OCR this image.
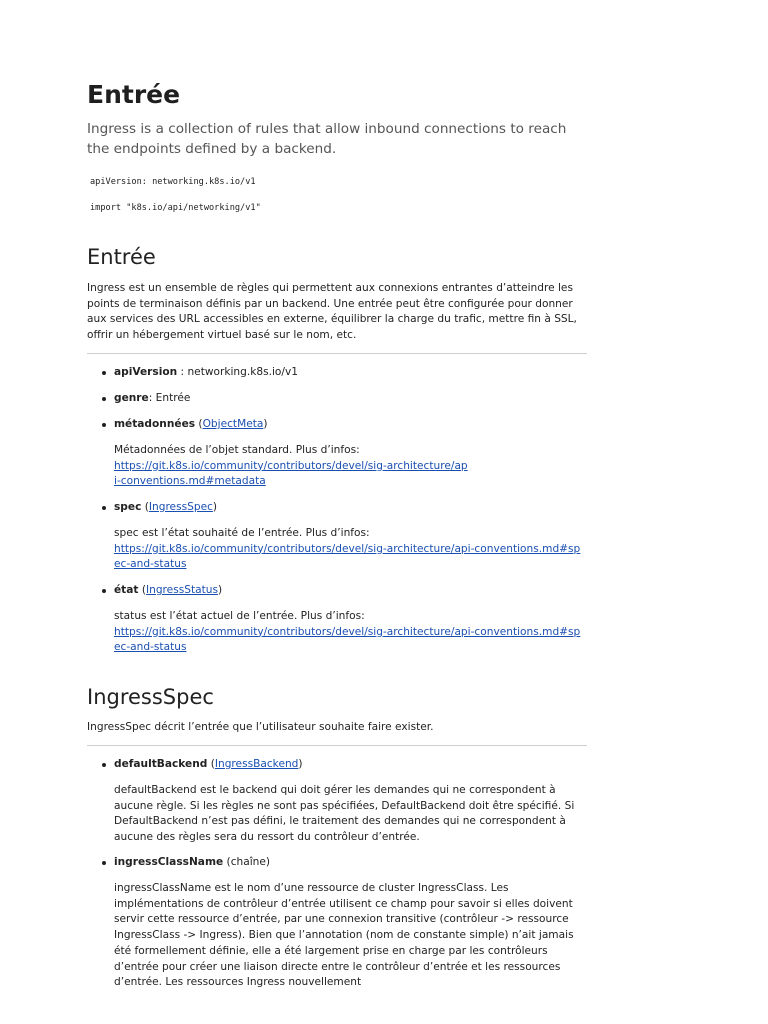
Entrée

Ingress is a collection of rules that allow inbound connections to reach the endpoints defined by a backend.

apiVersion: networking.k8s.io/v1
import "k8s.io/api/networking/v1"
Entrée

Ingress est un ensemble de règles qui permettent aux connexions entrantes d’atteindre les points de terminaison définis par un backend. Une entrée peut être configurée pour donner aux services des URL accessibles en externe, équilibrer la charge du trafic, mettre fin à SSL, offrir un hébergement virtuel basé sur le nom, etc.

apiVersion : networking.k8s.io/v1
genre: Entrée
métadonnées (ObjectMeta)

Métadonnées de l’objet standard. Plus d’infos:
https://git.k8s.io/community/contributors/devel/sig-architecture/api-conventions.md#metadata

spec (IngressSpec)

spec est l’état souhaité de l’entrée. Plus d’infos:
https://git.k8s.io/community/contributors/devel/sig-architecture/api-conventions.md#spec-and-status

état (IngressStatus)

status est l’état actuel de l’entrée. Plus d’infos:
https://git.k8s.io/community/contributors/devel/sig-architecture/api-conventions.md#spec-and-status

IngressSpec

IngressSpec décrit l’entrée que l’utilisateur souhaite faire exister.

defaultBackend (IngressBackend)

defaultBackend est le backend qui doit gérer les demandes qui ne correspondent à aucune règle. Si les règles ne sont pas spécifiées, DefaultBackend doit être spécifié. Si DefaultBackend n’est pas défini, le traitement des demandes qui ne correspondent à aucune des règles sera du ressort du contrôleur d’entrée.

ingressClassName (chaîne)

ingressClassName est le nom d’une ressource de cluster IngressClass. Les implémentations de contrôleur d’entrée utilisent ce champ pour savoir si elles doivent servir cette ressource d’entrée, par une connexion transitive (contrôleur -> ressource IngressClass -> Ingress). Bien que l’annotation (nom de constante simple) n’ait jamais été formellement définie, elle a été largement prise en charge par les contrôleurs d’entrée pour créer une liaison directe entre le contrôleur d’entrée et les ressources d’entrée. Les ressources Ingress nouvellement
